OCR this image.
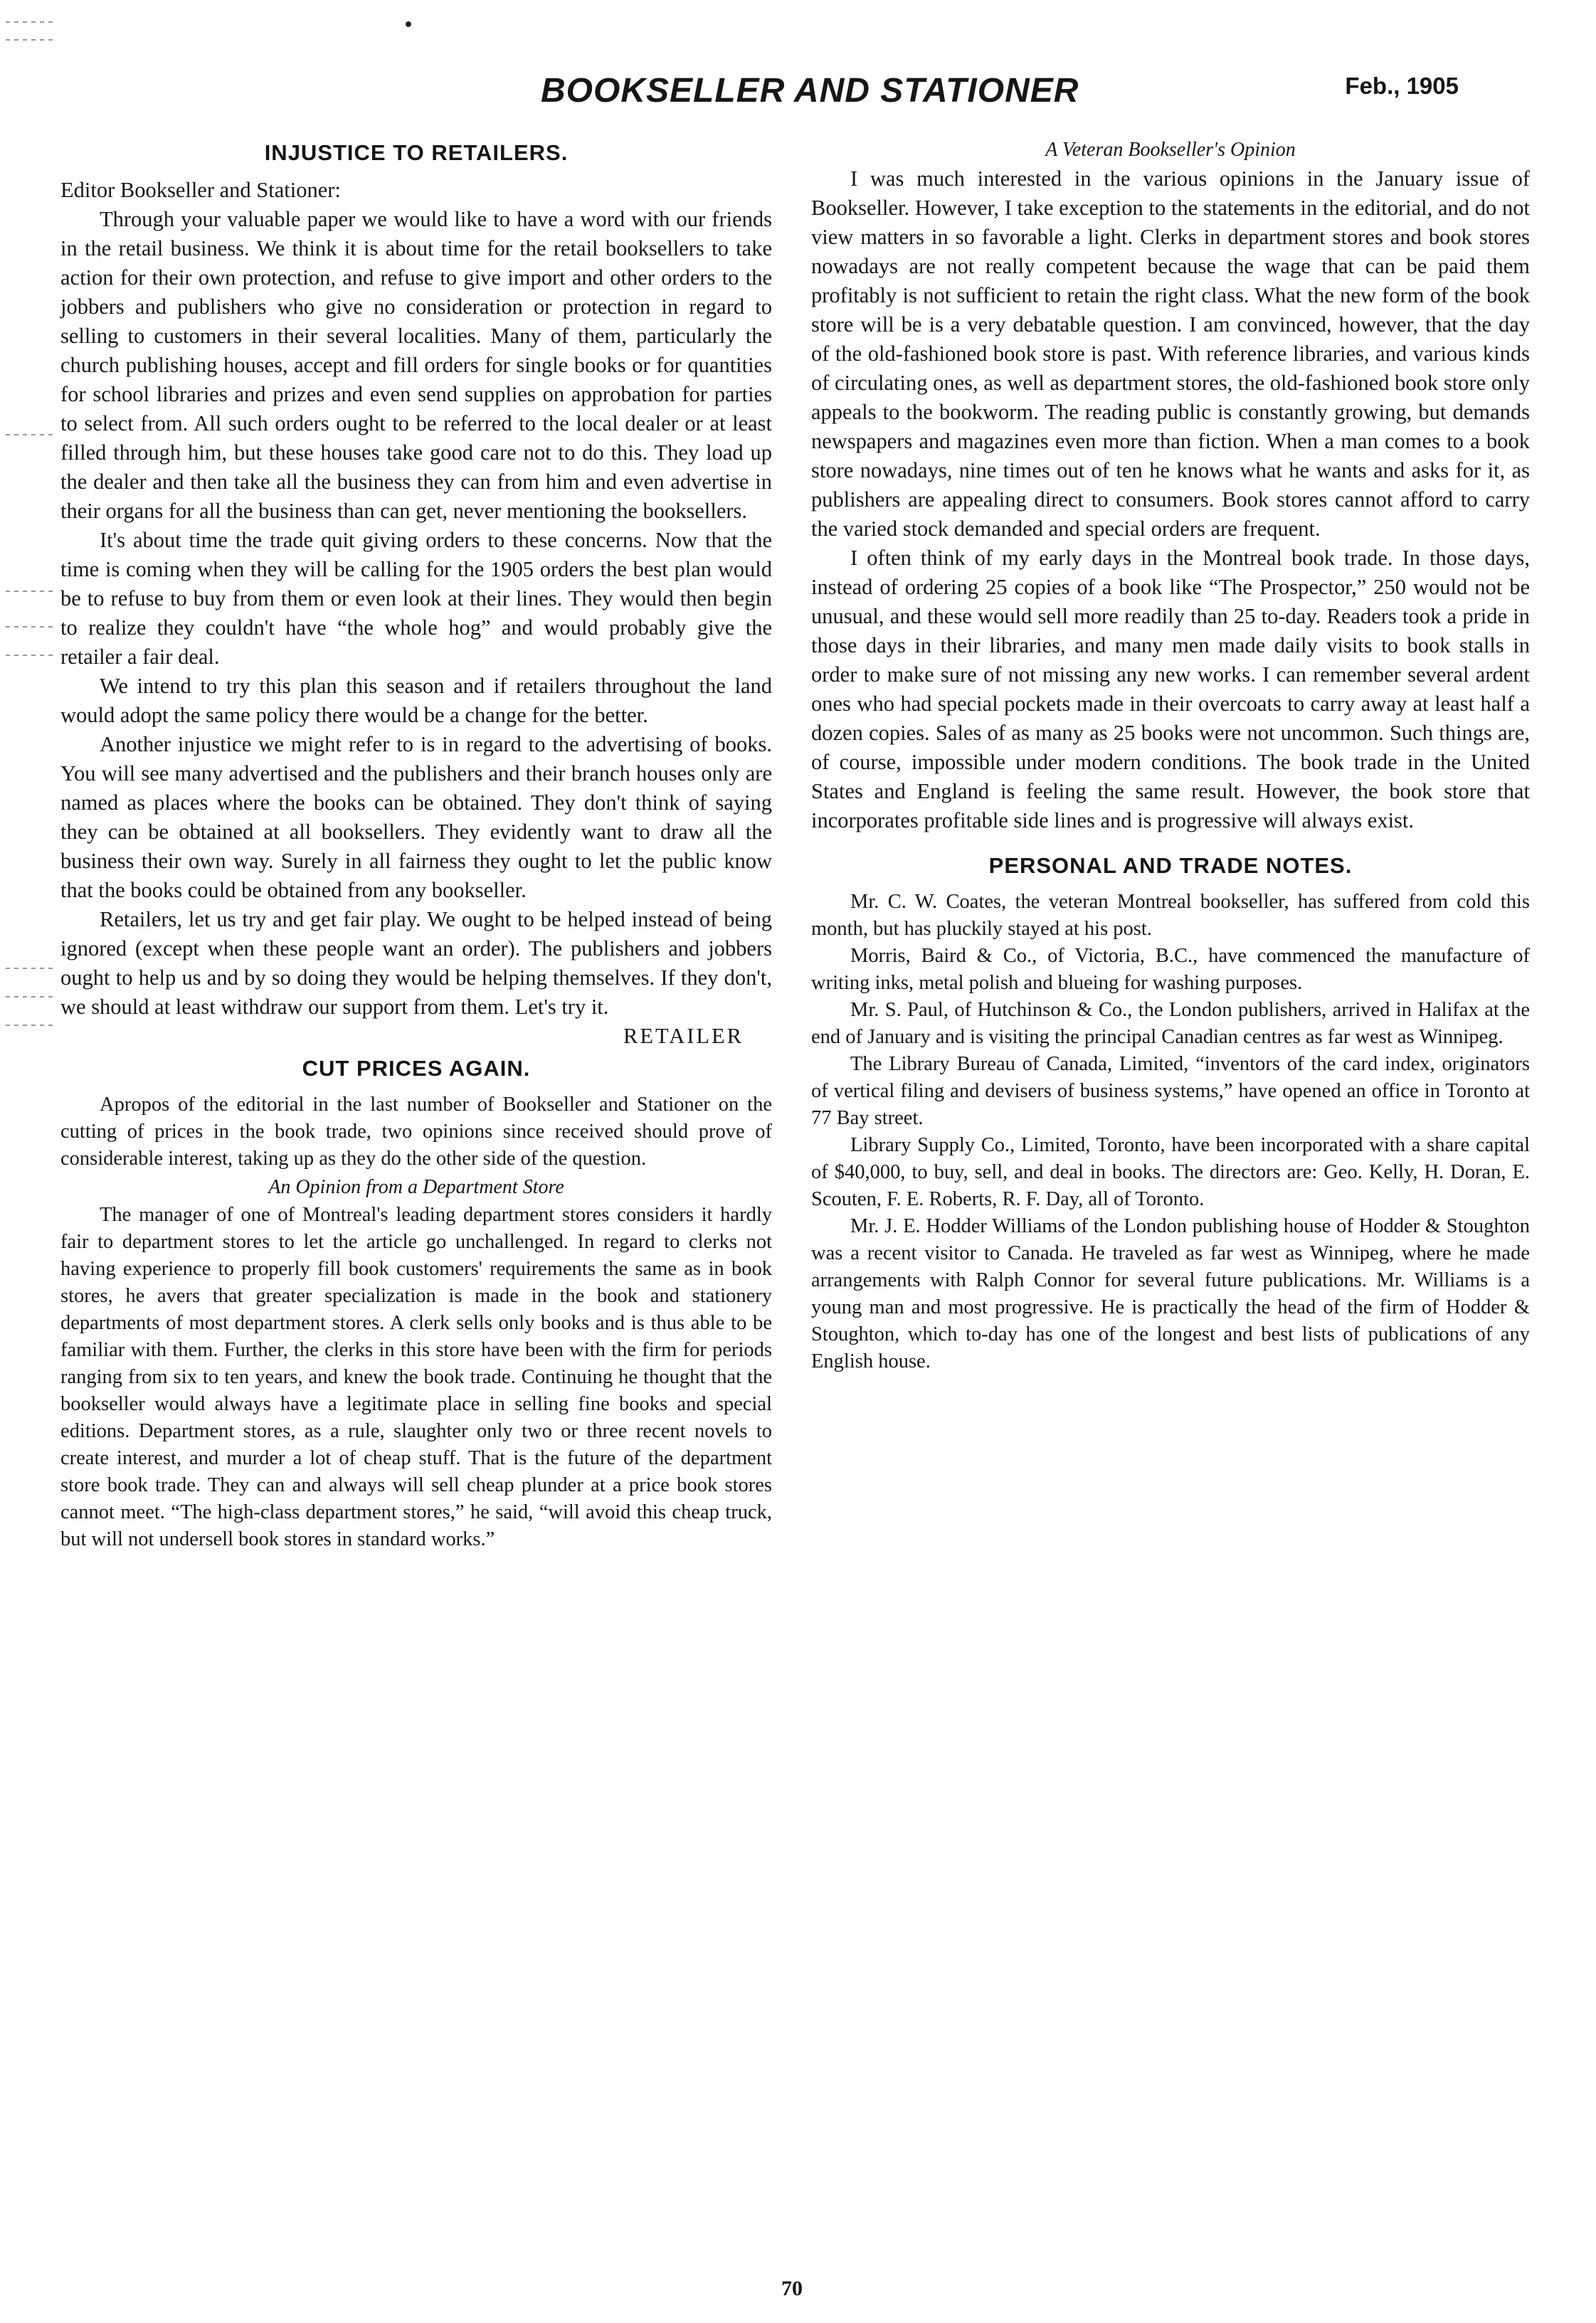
BOOKSELLER AND STATIONER	Feb., 1905
INJUSTICE TO RETAILERS.

Editor Bookseller and Stationer:

Through your valuable paper we would like to have a word with our friends in the retail business. We think it is about time for the retail booksellers to take action for their own protection, and refuse to give import and other orders to the jobbers and publishers who give no consideration or protection in regard to selling to customers in their several localities. Many of them, particularly the church publishing houses, accept and fill orders for single books or for quantities for school libraries and prizes and even send supplies on approbation for parties to select from. All such orders ought to be referred to the local dealer or at least filled through him, but these houses take good care not to do this. They load up the dealer and then take all the business they can from him and even advertise in their organs for all the business than can get, never mentioning the booksellers.

It's about time the trade quit giving orders to these concerns. Now that the time is coming when they will be calling for the 1905 orders the best plan would be to refuse to buy from them or even look at their lines. They would then begin to realize they couldn't have “the whole hog” and would probably give the retailer a fair deal.

We intend to try this plan this season and if retailers throughout the land would adopt the same policy there would be a change for the better.

Another injustice we might refer to is in regard to the advertising of books. You will see many advertised and the publishers and their branch houses only are named as places where the books can be obtained. They don't think of saying they can be obtained at all booksellers. They evidently want to draw all the business their own way. Surely in all fairness they ought to let the public know that the books could be obtained from any bookseller.

Retailers, let us try and get fair play. We ought to be helped instead of being ignored (except when these people want an order). The publishers and jobbers ought to help us and by so doing they would be helping themselves. If they don't, we should at least withdraw our support from them. Let's try it.

RETAILER

CUT PRICES AGAIN.

Apropos of the editorial in the last number of Bookseller and Stationer on the cutting of prices in the book trade, two opinions since received should prove of considerable interest, taking up as they do the other side of the question.

An Opinion from a Department Store

The manager of one of Montreal's leading department stores considers it hardly fair to department stores to let the article go unchallenged. In regard to clerks not having experience to properly fill book customers' requirements the same as in book stores, he avers that greater specialization is made in the book and stationery departments of most department stores. A clerk sells only books and is thus able to be familiar with them. Further, the clerks in this store have been with the firm for periods ranging from six to ten years, and knew the book trade. Continuing he thought that the bookseller would always have a legitimate place in selling fine books and special editions. Department stores, as a rule, slaughter only two or three recent novels to create interest, and murder a lot of cheap stuff. That is the future of the department store book trade. They can and always will sell cheap plunder at a price book stores cannot meet. “The high-class department stores,” he said, “will avoid this cheap truck, but will not undersell book stores in standard works.”

A Veteran Bookseller's Opinion

I was much interested in the various opinions in the January issue of Bookseller. However, I take exception to the statements in the editorial, and do not view matters in so favorable a light. Clerks in department stores and book stores nowadays are not really competent because the wage that can be paid them profitably is not sufficient to retain the right class. What the new form of the book store will be is a very debatable question. I am convinced, however, that the day of the old-fashioned book store is past. With reference libraries, and various kinds of circulating ones, as well as department stores, the old-fashioned book store only appeals to the bookworm. The reading public is constantly growing, but demands newspapers and magazines even more than fiction. When a man comes to a book store nowadays, nine times out of ten he knows what he wants and asks for it, as publishers are appealing direct to consumers. Book stores cannot afford to carry the varied stock demanded and special orders are frequent.

I often think of my early days in the Montreal book trade. In those days, instead of ordering 25 copies of a book like “The Prospector,” 250 would not be unusual, and these would sell more readily than 25 to-day. Readers took a pride in those days in their libraries, and many men made daily visits to book stalls in order to make sure of not missing any new works. I can remember several ardent ones who had special pockets made in their overcoats to carry away at least half a dozen copies. Sales of as many as 25 books were not uncommon. Such things are, of course, impossible under modern conditions. The book trade in the United States and England is feeling the same result. However, the book store that incorporates profitable side lines and is progressive will always exist.

PERSONAL AND TRADE NOTES.

Mr. C. W. Coates, the veteran Montreal bookseller, has suffered from cold this month, but has pluckily stayed at his post.

Morris, Baird & Co., of Victoria, B.C., have commenced the manufacture of writing inks, metal polish and blueing for washing purposes.

Mr. S. Paul, of Hutchinson & Co., the London publishers, arrived in Halifax at the end of January and is visiting the principal Canadian centres as far west as Winnipeg.

The Library Bureau of Canada, Limited, “inventors of the card index, originators of vertical filing and devisers of business systems,” have opened an office in Toronto at 77 Bay street.

Library Supply Co., Limited, Toronto, have been incorporated with a share capital of $40,000, to buy, sell, and deal in books. The directors are: Geo. Kelly, H. Doran, E. Scouten, F. E. Roberts, R. F. Day, all of Toronto.

Mr. J. E. Hodder Williams of the London publishing house of Hodder & Stoughton was a recent visitor to Canada. He traveled as far west as Winnipeg, where he made arrangements with Ralph Connor for several future publications. Mr. Williams is a young man and most progressive. He is practically the head of the firm of Hodder & Stoughton, which to-day has one of the longest and best lists of publications of any English house.

70
